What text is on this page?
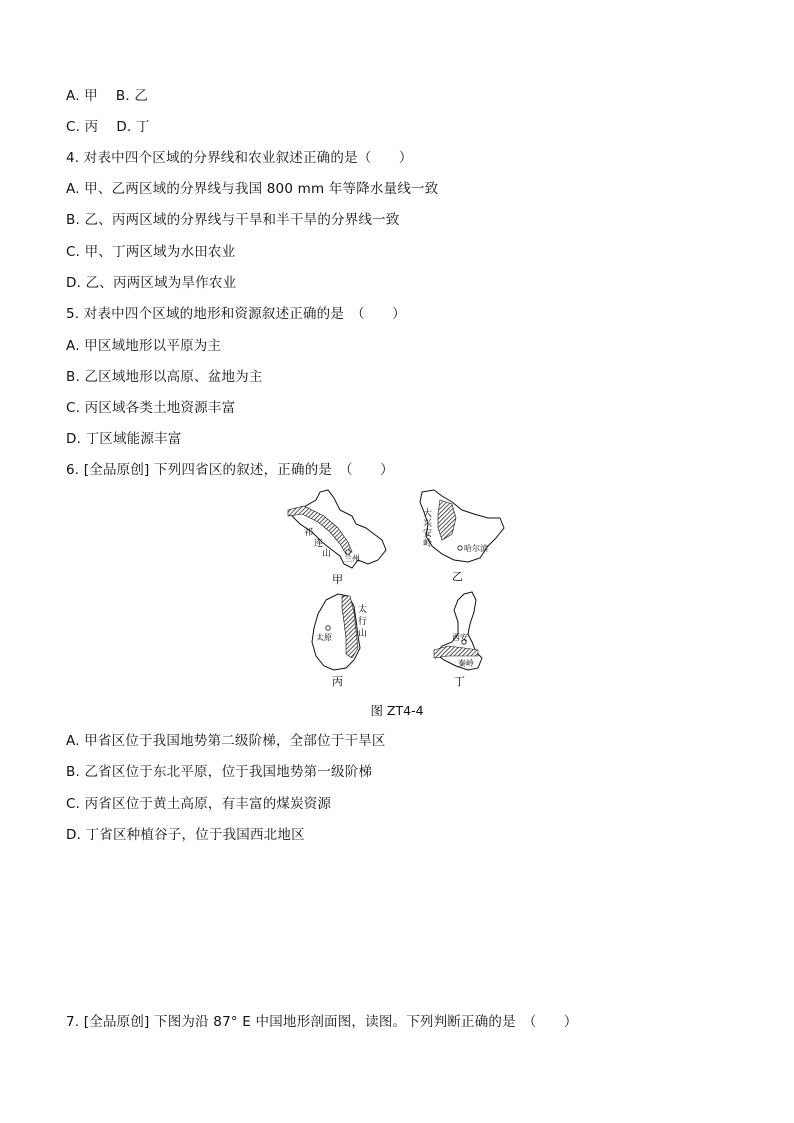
A. 甲 B. 乙
C. 丙 D. 丁
4. 对表中四个区域的分界线和农业叙述正确的是（　　）
A. 甲、乙两区域的分界线与我国 800 mm 年等降水量线一致
B. 乙、丙两区域的分界线与干旱和半干旱的分界线一致
C. 甲、丁两区域为水田农业
D. 乙、丙两区域为旱作农业
5. 对表中四个区域的地形和资源叙述正确的是　（　　）
A. 甲区域地形以平原为主
B. 乙区域地形以高原、盆地为主
C. 丙区域各类土地资源丰富
D. 丁区域能源丰富
6. [全品原创] 下列四省区的叙述，正确的是　（　　）
祁
连
山 兰州
甲
大
兴
安
岭	哈尔滨
乙
太
行
山
太原
丙
西安
秦岭
丁
图 ZT4-4
A. 甲省区位于我国地势第二级阶梯，全部位于干旱区
B. 乙省区位于东北平原，位于我国地势第一级阶梯
C. 丙省区位于黄土高原，有丰富的煤炭资源
D. 丁省区种植谷子，位于我国西北地区
7. [全品原创] 下图为沿 87° E 中国地形剖面图，读图。下列判断正确的是　（　　）
